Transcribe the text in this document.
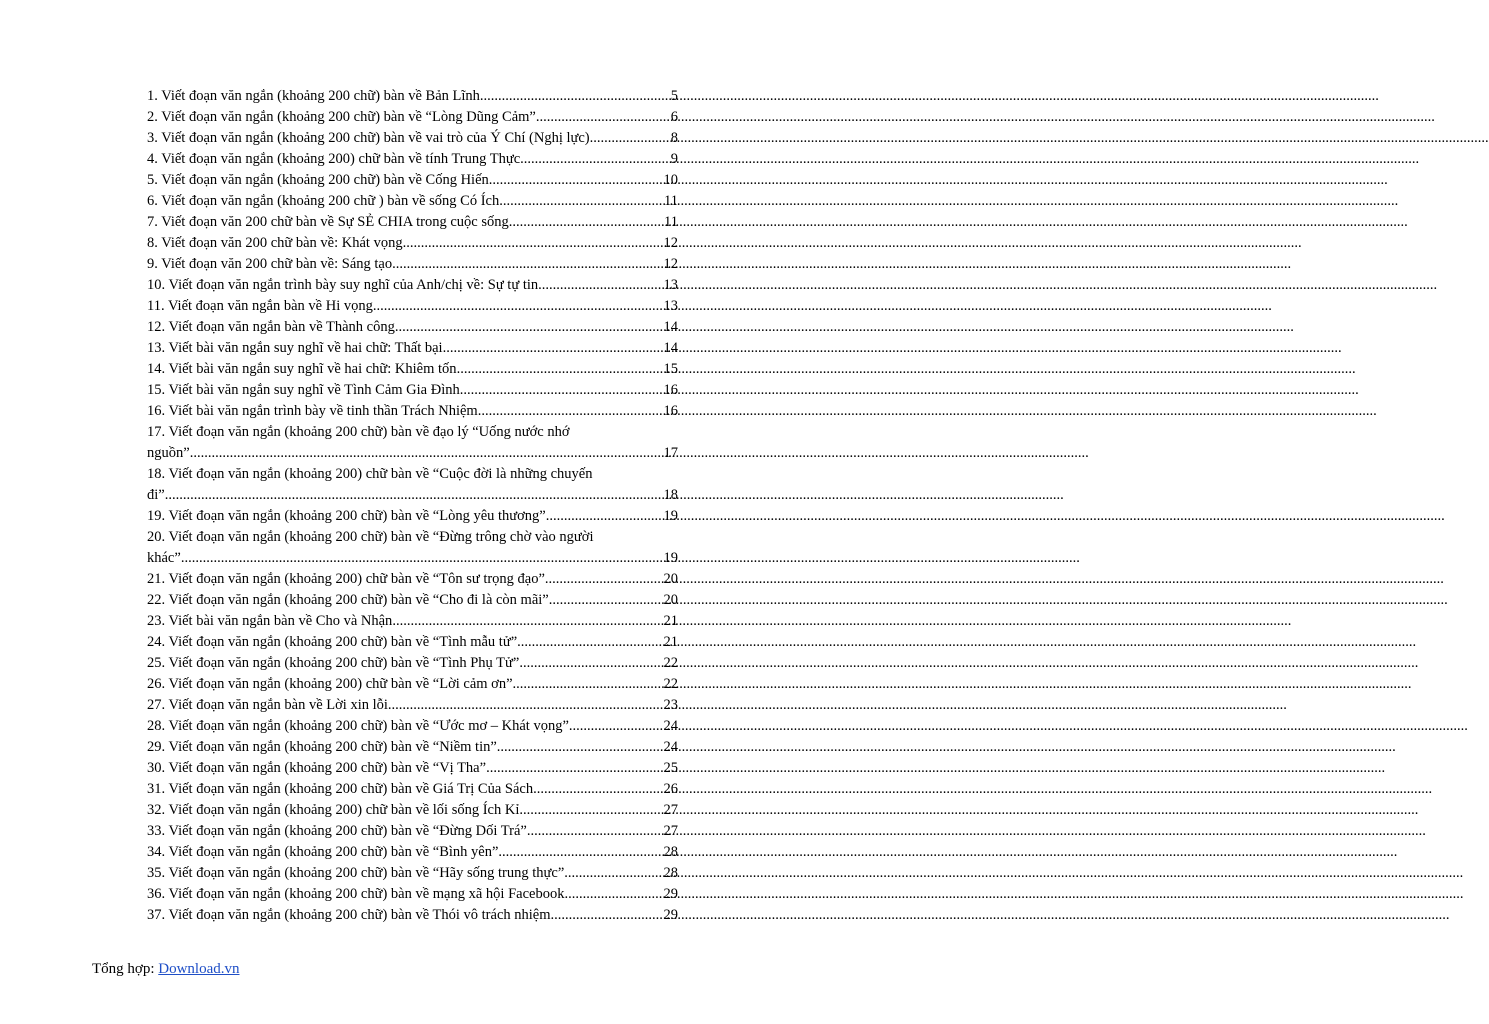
1. Viết đoạn văn ngắn (khoảng 200 chữ) bàn về Bản Lĩnh .....	5
2. Viết đoạn văn ngắn (khoảng 200 chữ) bàn về “Lòng Dũng Cảm” .....	6
3. Viết đoạn văn ngắn (khoảng 200 chữ) bàn về vai trò của Ý Chí (Nghị lực) .....	8
4. Viết đoạn văn ngắn (khoảng 200) chữ bàn về tính Trung Thực .....	9
5. Viết đoạn văn ngắn (khoảng 200 chữ) bàn về Cống Hiến .....	10
6. Viết đoạn văn ngắn (khoảng 200 chữ ) bàn về sống Có Ích .....	11
7. Viết đoạn văn 200 chữ bàn về Sự SẺ CHIA trong cuộc sống .....	11
8. Viết đoạn văn 200 chữ bàn về: Khát vọng .....	12
9. Viết đoạn văn 200 chữ bàn về: Sáng tạo .....	12
10. Viết đoạn văn ngắn trình bày suy nghĩ của Anh/chị về: Sự tự tin .....	13
11. Viết đoạn văn ngắn bàn về Hi vọng .....	13
12. Viết đoạn văn ngắn bàn về Thành công .....	14
13. Viết bài văn ngắn suy nghĩ về hai chữ: Thất bại .....	14
14. Viết bài văn ngắn suy nghĩ về hai chữ: Khiêm tốn .....	15
15. Viết bài văn ngắn suy nghĩ về Tình Cảm Gia Đình .....	16
16. Viết bài văn ngắn trình bày về tinh thần Trách Nhiệm .....	16
17. Viết đoạn văn ngắn (khoảng 200 chữ) bàn về đạo lý “Uống nước nhớ
nguồn” .....	17
18. Viết đoạn văn ngắn (khoảng 200) chữ bàn về “Cuộc đời là những chuyến
đi” .....	18
19. Viết đoạn văn ngắn (khoảng 200 chữ) bàn về “Lòng yêu thương” .....	19
20. Viết đoạn văn ngắn (khoảng 200 chữ) bàn về “Đừng trông chờ vào người
khác” .....	19
21. Viết đoạn văn ngắn (khoảng 200) chữ bàn về “Tôn sư trọng đạo” .....	20
22. Viết đoạn văn ngắn (khoảng 200 chữ) bàn về “Cho đi là còn mãi” .....	20
23. Viết bài văn ngắn bàn về Cho và Nhận .....	21
24. Viết đoạn văn ngắn (khoảng 200 chữ) bàn về “Tình mẫu tử” .....	21
25. Viết đoạn văn ngắn (khoảng 200 chữ) bàn về “Tình Phụ Tử” .....	22
26. Viết đoạn văn ngắn (khoảng 200) chữ bàn về “Lời cảm ơn” .....	22
27. Viết đoạn văn ngắn bàn về Lời xin lỗi .....	23
28. Viết đoạn văn ngắn (khoảng 200 chữ) bàn về “Ước mơ – Khát vọng” .....	24
29. Viết đoạn văn ngắn (khoảng 200 chữ) bàn về “Niềm tin” .....	24
30. Viết đoạn văn ngắn (khoảng 200 chữ) bàn về “Vị Tha” .....	25
31. Viết đoạn văn ngắn (khoảng 200 chữ) bàn về Giá Trị Của Sách .....	26
32. Viết đoạn văn ngắn (khoảng 200) chữ bàn về lối sống Ích Kỉ .....	27
33. Viết đoạn văn ngắn (khoảng 200 chữ) bàn về “Đừng Dối Trá” .....	27
34. Viết đoạn văn ngắn (khoảng 200 chữ) bàn về “Bình yên” .....	28
35. Viết đoạn văn ngắn (khoảng 200 chữ) bàn về “Hãy sống trung thực” .....	28
36. Viết đoạn văn ngắn (khoảng 200 chữ) bàn về mạng xã hội Facebook .....	29
37. Viết đoạn văn ngắn (khoảng 200 chữ) bàn về Thói vô trách nhiệm .....	29
Tổng hợp: Download.vn
